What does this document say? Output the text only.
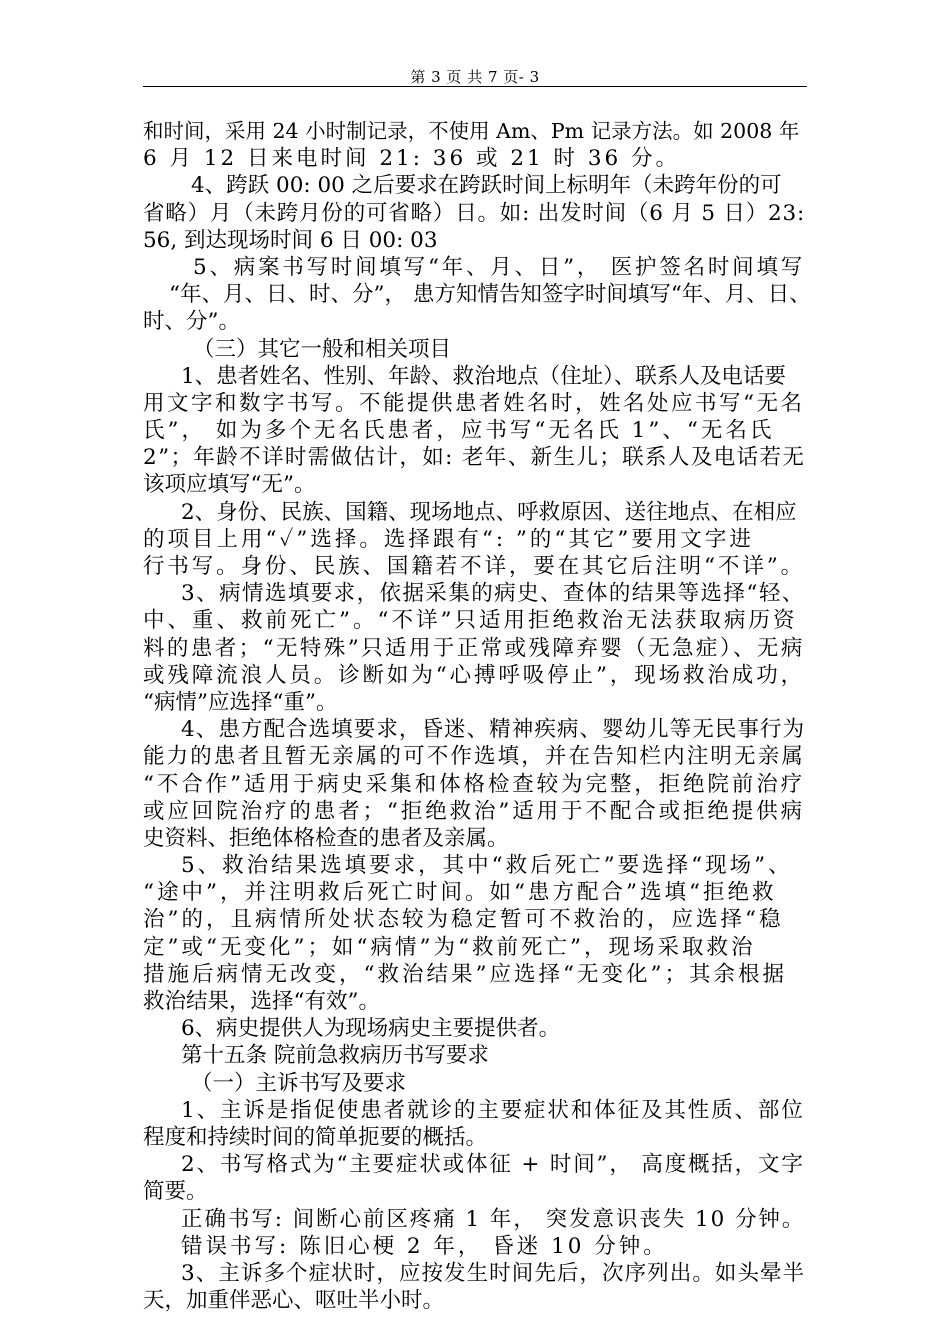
第 3 页 共 7 页- 3
和时间，采用 24 小时制记录，不使用 Am、Pm 记录方法。如 2008 年
6 月 12 日来电时间 21: 36 或 21 时 36 分。
4、跨跃 00: 00 之后要求在跨跃时间上标明年（未跨年份的可
省略）月（未跨月份的可省略）日。如: 出发时间（6 月 5 日）23:
56, 到达现场时间 6 日 00: 03
5、病案书写时间填写“年、月、日”， 医护签名时间填写
“年、月、日、时、分”， 患方知情告知签字时间填写“年、月、日、
时、分”。
（三）其它一般和相关项目
1、患者姓名、性别、年龄、救治地点（住址）、联系人及电话要
用文字和数字书写。不能提供患者姓名时，姓名处应书写“无名
氏”， 如为多个无名氏患者，应书写“无名氏 1”、“无名氏
2”；年龄不详时需做估计，如: 老年、新生儿；联系人及电话若无
该项应填写“无”。
2、身份、民族、国籍、现场地点、呼救原因、送往地点、在相应
的项目上用“✓”选择。选择跟有“: ”的“其它”要用文字进
行书写。身份、民族、国籍若不详，要在其它后注明“不详”。
3、病情选填要求，依据采集的病史、查体的结果等选择“轻、
中、重、救前死亡”。“不详”只适用拒绝救治无法获取病历资
料的患者；“无特殊”只适用于正常或残障弃婴（无急症）、无病
或残障流浪人员。诊断如为“心搏呼吸停止”，现场救治成功，
“病情”应选择“重”。
4、患方配合选填要求，昏迷、精神疾病、婴幼儿等无民事行为
能力的患者且暂无亲属的可不作选填，并在告知栏内注明无亲属
“不合作”适用于病史采集和体格检查较为完整，拒绝院前治疗
或应回院治疗的患者；“拒绝救治”适用于不配合或拒绝提供病
史资料、拒绝体格检查的患者及亲属。
5、救治结果选填要求，其中“救后死亡”要选择“现场”、
“途中”，并注明救后死亡时间。如“患方配合”选填“拒绝救
治”的，且病情所处状态较为稳定暂可不救治的，应选择“稳
定”或“无变化”；如“病情”为“救前死亡”，现场采取救治
措施后病情无改变，“救治结果”应选择“无变化”；其余根据
救治结果，选择“有效”。
6、病史提供人为现场病史主要提供者。
第十五条 院前急救病历书写要求
（一）主诉书写及要求
1、主诉是指促使患者就诊的主要症状和体征及其性质、部位
程度和持续时间的简单扼要的概括。
2、书写格式为“主要症状或体征 + 时间”， 高度概括，文字
简要。
正确书写: 间断心前区疼痛 1 年， 突发意识丧失 10 分钟。
错误书写: 陈旧心梗 2 年， 昏迷 10 分钟。
3、主诉多个症状时，应按发生时间先后，次序列出。如头晕半
天，加重伴恶心、呕吐半小时。
